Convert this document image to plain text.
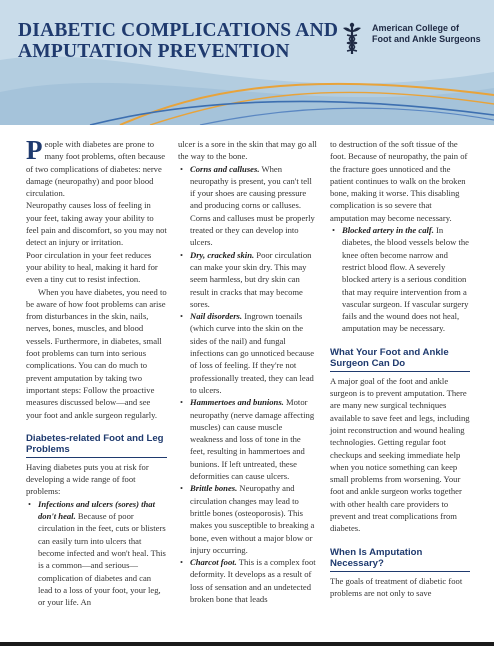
DIABETIC COMPLICATIONS AND
AMPUTATION PREVENTION
American College of
Foot and Ankle Surgeons

People with diabetes are prone to many foot problems, often because of two complications of diabetes: nerve damage (neuropathy) and poor blood circulation.

Neuropathy causes loss of feeling in your feet, taking away your ability to feel pain and discomfort, so you may not detect an injury or irritation.

Poor circulation in your feet reduces your ability to heal, making it hard for even a tiny cut to resist infection.

When you have diabetes, you need to be aware of how foot problems can arise from disturbances in the skin, nails, nerves, bones, muscles, and blood vessels. Furthermore, in diabetes, small foot problems can turn into serious complications. You can do much to prevent amputation by taking two important steps: Follow the proactive measures discussed below—and see your foot and ankle surgeon regularly.

Diabetes-related Foot and Leg Problems

Having diabetes puts you at risk for developing a wide range of foot problems:

• Infections and ulcers (sores) that don't heal. Because of poor circulation in the feet, cuts or blisters can easily turn into ulcers that become infected and won't heal. This is a common—and serious—complication of diabetes and can lead to a loss of your foot, your leg, or your life. An

ulcer is a sore in the skin that may go all the way to the bone.

• Corns and calluses. When neuropathy is present, you can't tell if your shoes are causing pressure and producing corns or calluses. Corns and calluses must be properly treated or they can develop into ulcers.
• Dry, cracked skin. Poor circulation can make your skin dry. This may seem harmless, but dry skin can result in cracks that may become sores.
• Nail disorders. Ingrown toenails (which curve into the skin on the sides of the nail) and fungal infections can go unnoticed because of loss of feeling. If they're not professionally treated, they can lead to ulcers.
• Hammertoes and bunions. Motor neuropathy (nerve damage affecting muscles) can cause muscle weakness and loss of tone in the feet, resulting in hammertoes and bunions. If left untreated, these deformities can cause ulcers.
• Brittle bones. Neuropathy and circulation changes may lead to brittle bones (osteoporosis). This makes you susceptible to breaking a bone, even without a major blow or injury occurring.
• Charcot foot. This is a complex foot deformity. It develops as a result of loss of sensation and an undetected broken bone that leads

to destruction of the soft tissue of the foot. Because of neuropathy, the pain of the fracture goes unnoticed and the patient continues to walk on the broken bone, making it worse. This disabling complication is so severe that amputation may become necessary.

• Blocked artery in the calf. In diabetes, the blood vessels below the knee often become narrow and restrict blood flow. A severely blocked artery is a serious condition that may require intervention from a vascular surgeon. If vascular surgery fails and the wound does not heal, amputation may be necessary.
What Your Foot and Ankle Surgeon Can Do

A major goal of the foot and ankle surgeon is to prevent amputation. There are many new surgical techniques available to save feet and legs, including joint reconstruction and wound healing technologies. Getting regular foot checkups and seeking immediate help when you notice something can keep small problems from worsening. Your foot and ankle surgeon works together with other health care providers to prevent and treat complications from diabetes.

When Is Amputation Necessary?

The goals of treatment of diabetic foot problems are not only to save
